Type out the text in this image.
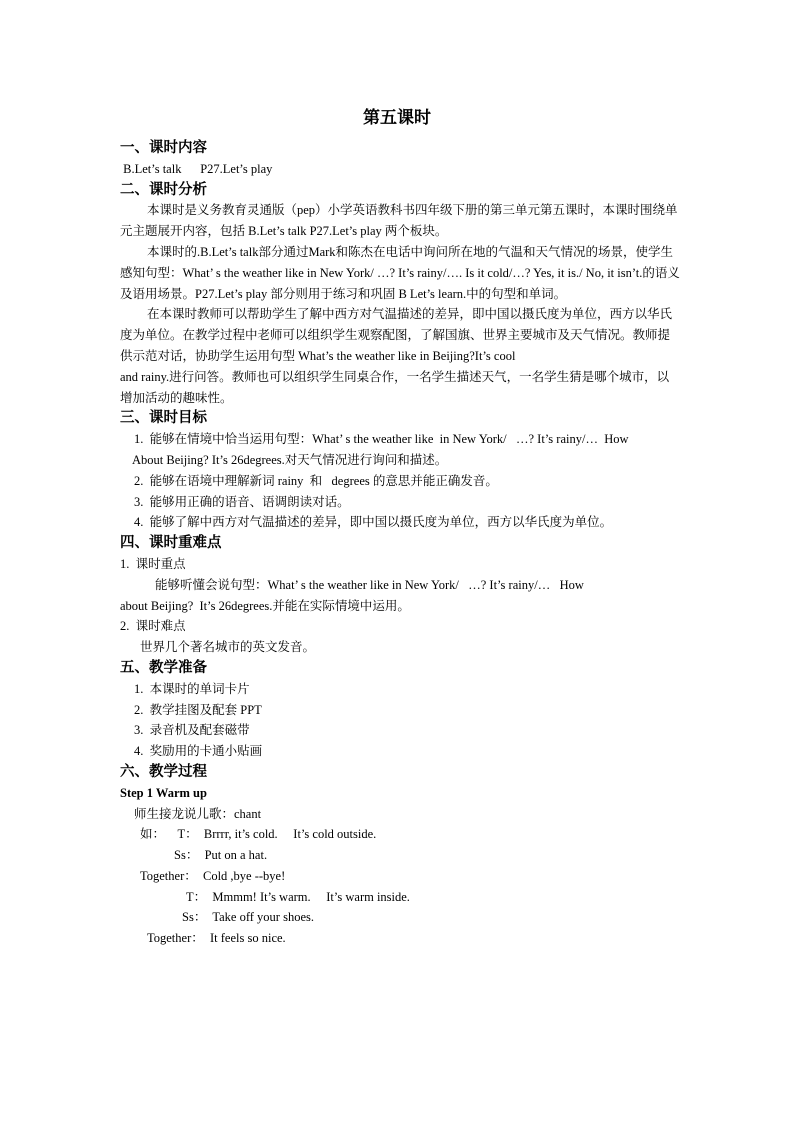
第五课时
一、课时内容
B.Let’s talk      P27.Let’s play
二、课时分析
本课时是义务教育灵通版（pep）小学英语教科书四年级下册的第三单元第五课时，本课时围绕单元主题展开内容，包括 B.Let’s talk P27.Let’s play 两个板块。
本课时的.B.Let’s talk部分通过Mark和陈杰在电话中询问所在地的气温和天气情况的场景，使学生感知句型：What’ s the weather like in New York/ …? It’s rainy/…. Is it cold/…? Yes, it is./ No, it isn’t.的语义及语用场景。P27.Let’s play 部分则用于练习和巩固 B Let’s learn.中的句型和单词。
在本课时教师可以帮助学生了解中西方对气温描述的差异，即中国以摄氏度为单位，西方以华氏度为单位。在教学过程中老师可以组织学生观察配图，了解国旗、世界主要城市及天气情况。教师提供示范对话，协助学生运用句型 What’s the weather like in Beijing?It’s cool
and rainy.进行问答。教师也可以组织学生同桌合作，一名学生描述天气，一名学生猜是哪个城市，以增加活动的趣味性。
三、课时目标
1.  能够在情境中恰当运用句型：What’ s the weather like  in New York/   …? It’s rainy/…  How
About Beijing? It’s 26degrees.对天气情况进行询问和描述。
2.  能够在语境中理解新词 rainy  和   degrees 的意思并能正确发音。
3.  能够用正确的语音、语调朗读对话。
4.  能够了解中西方对气温描述的差异，即中国以摄氏度为单位，西方以华氏度为单位。
四、课时重难点
1.  课时重点
能够听懂会说句型：What’ s the weather like in New York/   …? It’s rainy/…   How
about Beijing?  It’s 26degrees.并能在实际情境中运用。
2.  课时难点
世界几个著名城市的英文发音。
五、教学准备
1.  本课时的单词卡片
2.  教学挂图及配套 PPT
3.  录音机及配套磁带
4.  奖励用的卡通小贴画
六、教学过程
Step 1 Warm up
师生接龙说儿歌：chant
如：    T： Brrrr, it’s cold.     It’s cold outside.
Ss： Put on a hat.
Together： Cold ,bye --bye!
T： Mmmm! It’s warm.     It’s warm inside.
Ss： Take off your shoes.
Together： It feels so nice.
